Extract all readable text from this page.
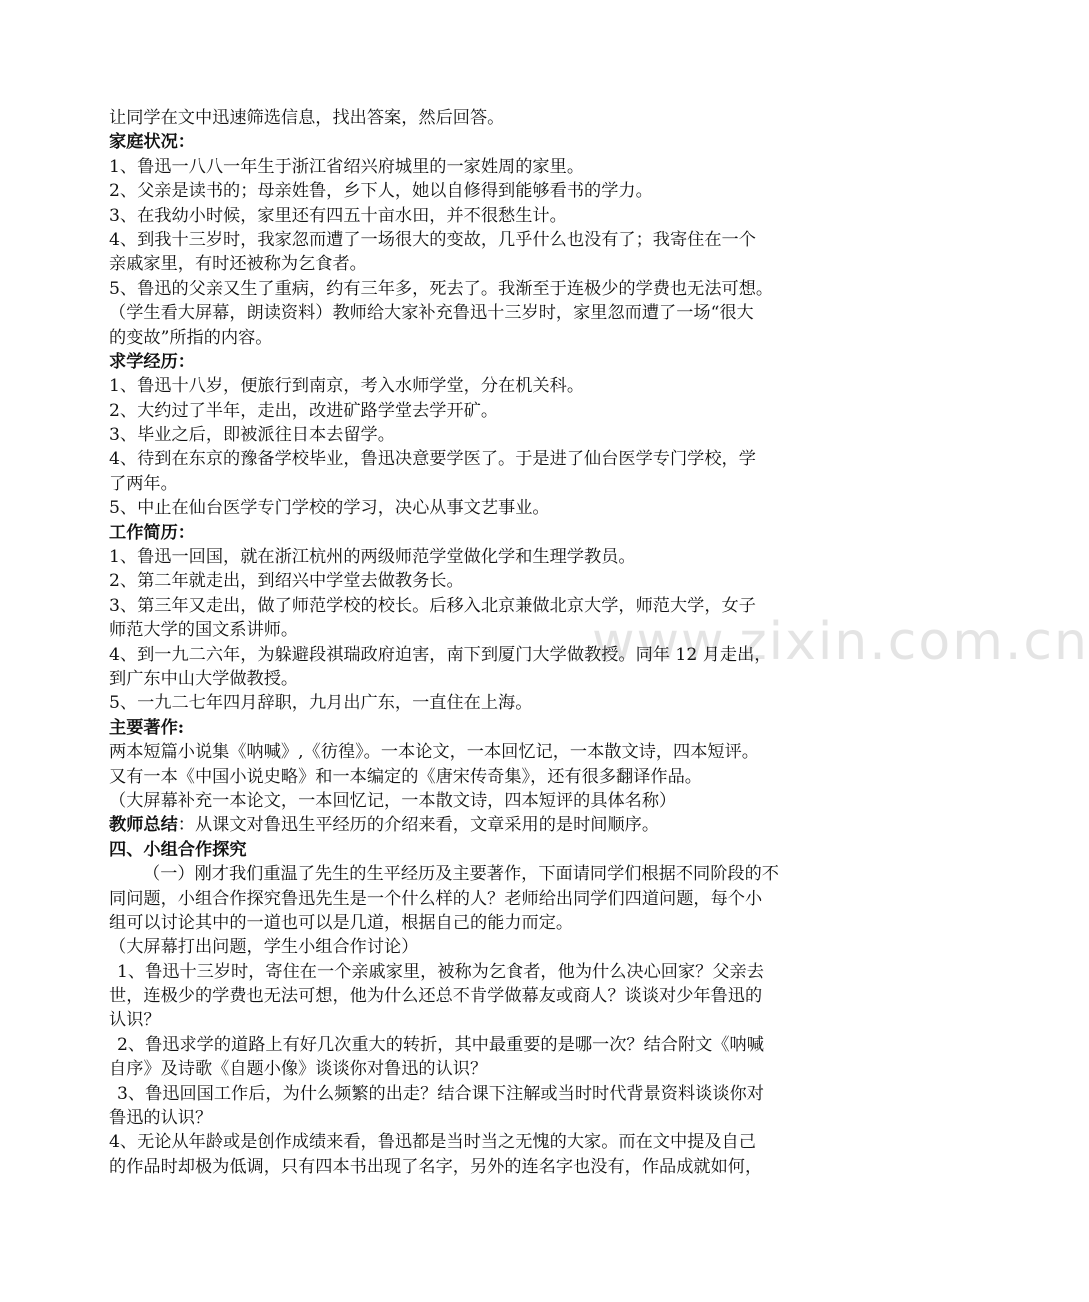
www.zixin.com.cn
让同学在文中迅速筛选信息，找出答案，然后回答。
家庭状况：
1、鲁迅一八八一年生于浙江省绍兴府城里的一家姓周的家里。
2、父亲是读书的；母亲姓鲁，乡下人，她以自修得到能够看书的学力。
3、在我幼小时候，家里还有四五十亩水田，并不很愁生计。
4、到我十三岁时，我家忽而遭了一场很大的变故，几乎什么也没有了；我寄住在一个
亲戚家里，有时还被称为乞食者。
5、鲁迅的父亲又生了重病，约有三年多，死去了。我渐至于连极少的学费也无法可想。
（学生看大屏幕，朗读资料）教师给大家补充鲁迅十三岁时，家里忽而遭了一场“很大
的变故”所指的内容。
求学经历：
1、鲁迅十八岁，便旅行到南京，考入水师学堂，分在机关科。
2、大约过了半年，走出，改进矿路学堂去学开矿。
3、毕业之后，即被派往日本去留学。
4、待到在东京的豫备学校毕业，鲁迅决意要学医了。于是进了仙台医学专门学校，学
了两年。
5、中止在仙台医学专门学校的学习，决心从事文艺事业。
工作简历：
1、鲁迅一回国，就在浙江杭州的两级师范学堂做化学和生理学教员。
2、第二年就走出，到绍兴中学堂去做教务长。
3、第三年又走出，做了师范学校的校长。后移入北京兼做北京大学，师范大学，女子
师范大学的国文系讲师。
4、到一九二六年，为躲避段祺瑞政府迫害，南下到厦门大学做教授。同年 12 月走出，
到广东中山大学做教授。
5、一九二七年四月辞职，九月出广东，一直住在上海。
主要著作:
两本短篇小说集《呐喊》,《彷徨》。一本论文，一本回忆记，一本散文诗，四本短评。
又有一本《中国小说史略》和一本编定的《唐宋传奇集》，还有很多翻译作品。
（大屏幕补充一本论文，一本回忆记，一本散文诗，四本短评的具体名称）
教师总结：从课文对鲁迅生平经历的介绍来看，文章采用的是时间顺序。
四、小组合作探究
（一）刚才我们重温了先生的生平经历及主要著作，下面请同学们根据不同阶段的不
同问题，小组合作探究鲁迅先生是一个什么样的人？老师给出同学们四道问题，每个小
组可以讨论其中的一道也可以是几道，根据自己的能力而定。
（大屏幕打出问题，学生小组合作讨论）
1、鲁迅十三岁时，寄住在一个亲戚家里，被称为乞食者，他为什么决心回家？父亲去
世，连极少的学费也无法可想，他为什么还总不肯学做幕友或商人？谈谈对少年鲁迅的
认识？
2、鲁迅求学的道路上有好几次重大的转折，其中最重要的是哪一次？结合附文《呐喊
自序》及诗歌《自题小像》谈谈你对鲁迅的认识？
3、鲁迅回国工作后，为什么频繁的出走？结合课下注解或当时时代背景资料谈谈你对
鲁迅的认识？
4、无论从年龄或是创作成绩来看，鲁迅都是当时当之无愧的大家。而在文中提及自己
的作品时却极为低调，只有四本书出现了名字，另外的连名字也没有，作品成就如何，
